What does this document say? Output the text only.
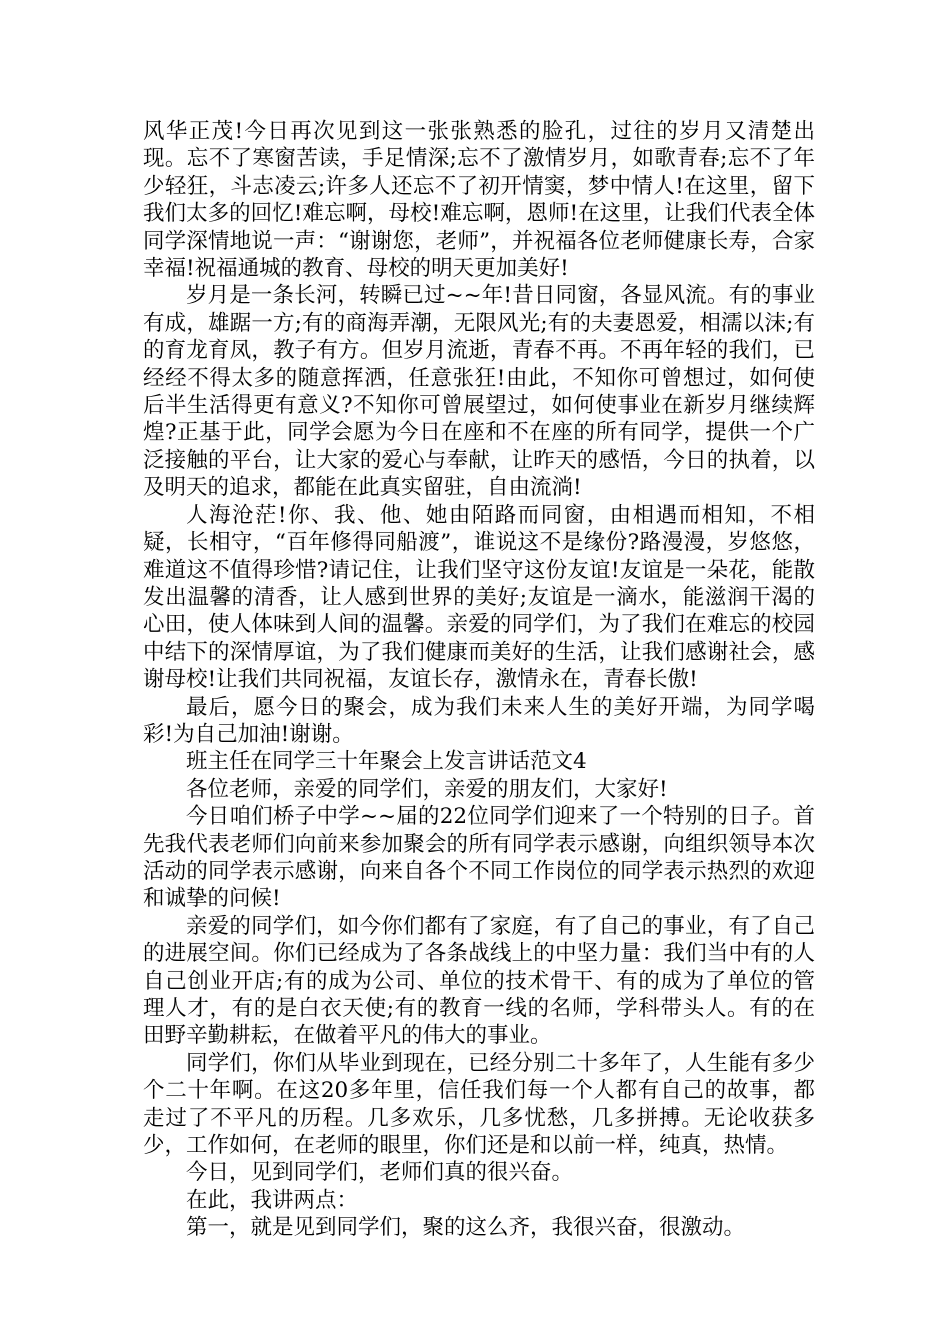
风华正茂!今日再次见到这一张张熟悉的脸孔，过往的岁月又清楚出现。忘不了寒窗苦读，手足情深;忘不了激情岁月，如歌青春;忘不了年少轻狂，斗志凌云;许多人还忘不了初开情窦，梦中情人!在这里，留下我们太多的回忆!难忘啊，母校!难忘啊，恩师!在这里，让我们代表全体同学深情地说一声：“谢谢您，老师”，并祝福各位老师健康长寿，合家幸福!祝福通城的教育、母校的明天更加美好!

岁月是一条长河，转瞬已过~~年!昔日同窗，各显风流。有的事业有成，雄踞一方;有的商海弄潮，无限风光;有的夫妻恩爱，相濡以沫;有的育龙育凤，教子有方。但岁月流逝，青春不再。不再年轻的我们，已经经不得太多的随意挥洒，任意张狂!由此，不知你可曾想过，如何使后半生活得更有意义?不知你可曾展望过，如何使事业在新岁月继续辉煌?正基于此，同学会愿为今日在座和不在座的所有同学，提供一个广泛接触的平台，让大家的爱心与奉献，让昨天的感悟，今日的执着，以及明天的追求，都能在此真实留驻，自由流淌!

人海沧茫!你、我、他、她由陌路而同窗，由相遇而相知，不相疑，长相守，“百年修得同船渡”，谁说这不是缘份?路漫漫，岁悠悠，难道这不值得珍惜?请记住，让我们坚守这份友谊!友谊是一朵花，能散发出温馨的清香，让人感到世界的美好;友谊是一滴水，能滋润干渴的心田，使人体味到人间的温馨。亲爱的同学们，为了我们在难忘的校园中结下的深情厚谊，为了我们健康而美好的生活，让我们感谢社会，感谢母校!让我们共同祝福，友谊长存，激情永在，青春长傲!

最后，愿今日的聚会，成为我们未来人生的美好开端，为同学喝彩!为自己加油!谢谢。

班主任在同学三十年聚会上发言讲话范文4

各位老师，亲爱的同学们，亲爱的朋友们，大家好!

今日咱们桥子中学~~届的22位同学们迎来了一个特别的日子。首先我代表老师们向前来参加聚会的所有同学表示感谢，向组织领导本次活动的同学表示感谢，向来自各个不同工作岗位的同学表示热烈的欢迎和诚挚的问候!

亲爱的同学们，如今你们都有了家庭，有了自己的事业，有了自己的进展空间。你们已经成为了各条战线上的中坚力量：我们当中有的人自己创业开店;有的成为公司、单位的技术骨干、有的成为了单位的管理人才，有的是白衣天使;有的教育一线的名师，学科带头人。有的在田野辛勤耕耘，在做着平凡的伟大的事业。

同学们，你们从毕业到现在，已经分别二十多年了，人生能有多少个二十年啊。在这20多年里，信任我们每一个人都有自己的故事，都走过了不平凡的历程。几多欢乐，几多忧愁，几多拼搏。无论收获多少，工作如何，在老师的眼里，你们还是和以前一样，纯真，热情。

今日，见到同学们，老师们真的很兴奋。

在此，我讲两点：

第一，就是见到同学们，聚的这么齐，我很兴奋，很激动。
